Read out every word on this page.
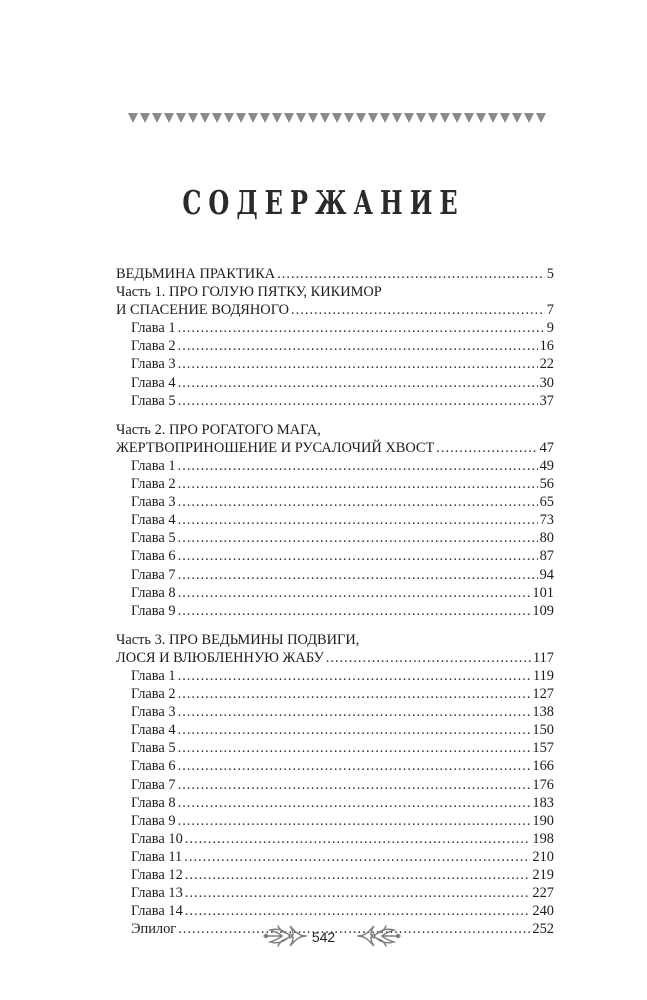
СОДЕРЖАНИЕ
ВЕДЬМИНА ПРАКТИКА . . .	5
Часть 1. ПРО ГОЛУЮ ПЯТКУ, КИКИМОР
И СПАСЕНИЕ ВОДЯНОГО . . .	7
Глава 1 . . .	9
Глава 2 . . .	16
Глава 3 . . .	22
Глава 4 . . .	30
Глава 5 . . .	37
Часть 2. ПРО РОГАТОГО МАГА,
ЖЕРТВОПРИНОШЕНИЕ И РУСАЛОЧИЙ ХВОСТ . . .	47
Глава 1 . . .	49
Глава 2 . . .	56
Глава 3 . . .	65
Глава 4 . . .	73
Глава 5 . . .	80
Глава 6 . . .	87
Глава 7 . . .	94
Глава 8 . . .	101
Глава 9 . . .	109
Часть 3. ПРО ВЕДЬМИНЫ ПОДВИГИ,
ЛОСЯ И ВЛЮБЛЕННУЮ ЖАБУ . . .	117
Глава 1 . . .	119
Глава 2 . . .	127
Глава 3 . . .	138
Глава 4 . . .	150
Глава 5 . . .	157
Глава 6 . . .	166
Глава 7 . . .	176
Глава 8 . . .	183
Глава 9 . . .	190
Глава 10 . . .	198
Глава 11 . . .	210
Глава 12 . . .	219
Глава 13 . . .	227
Глава 14 . . .	240
Эпилог . . .	252
542
